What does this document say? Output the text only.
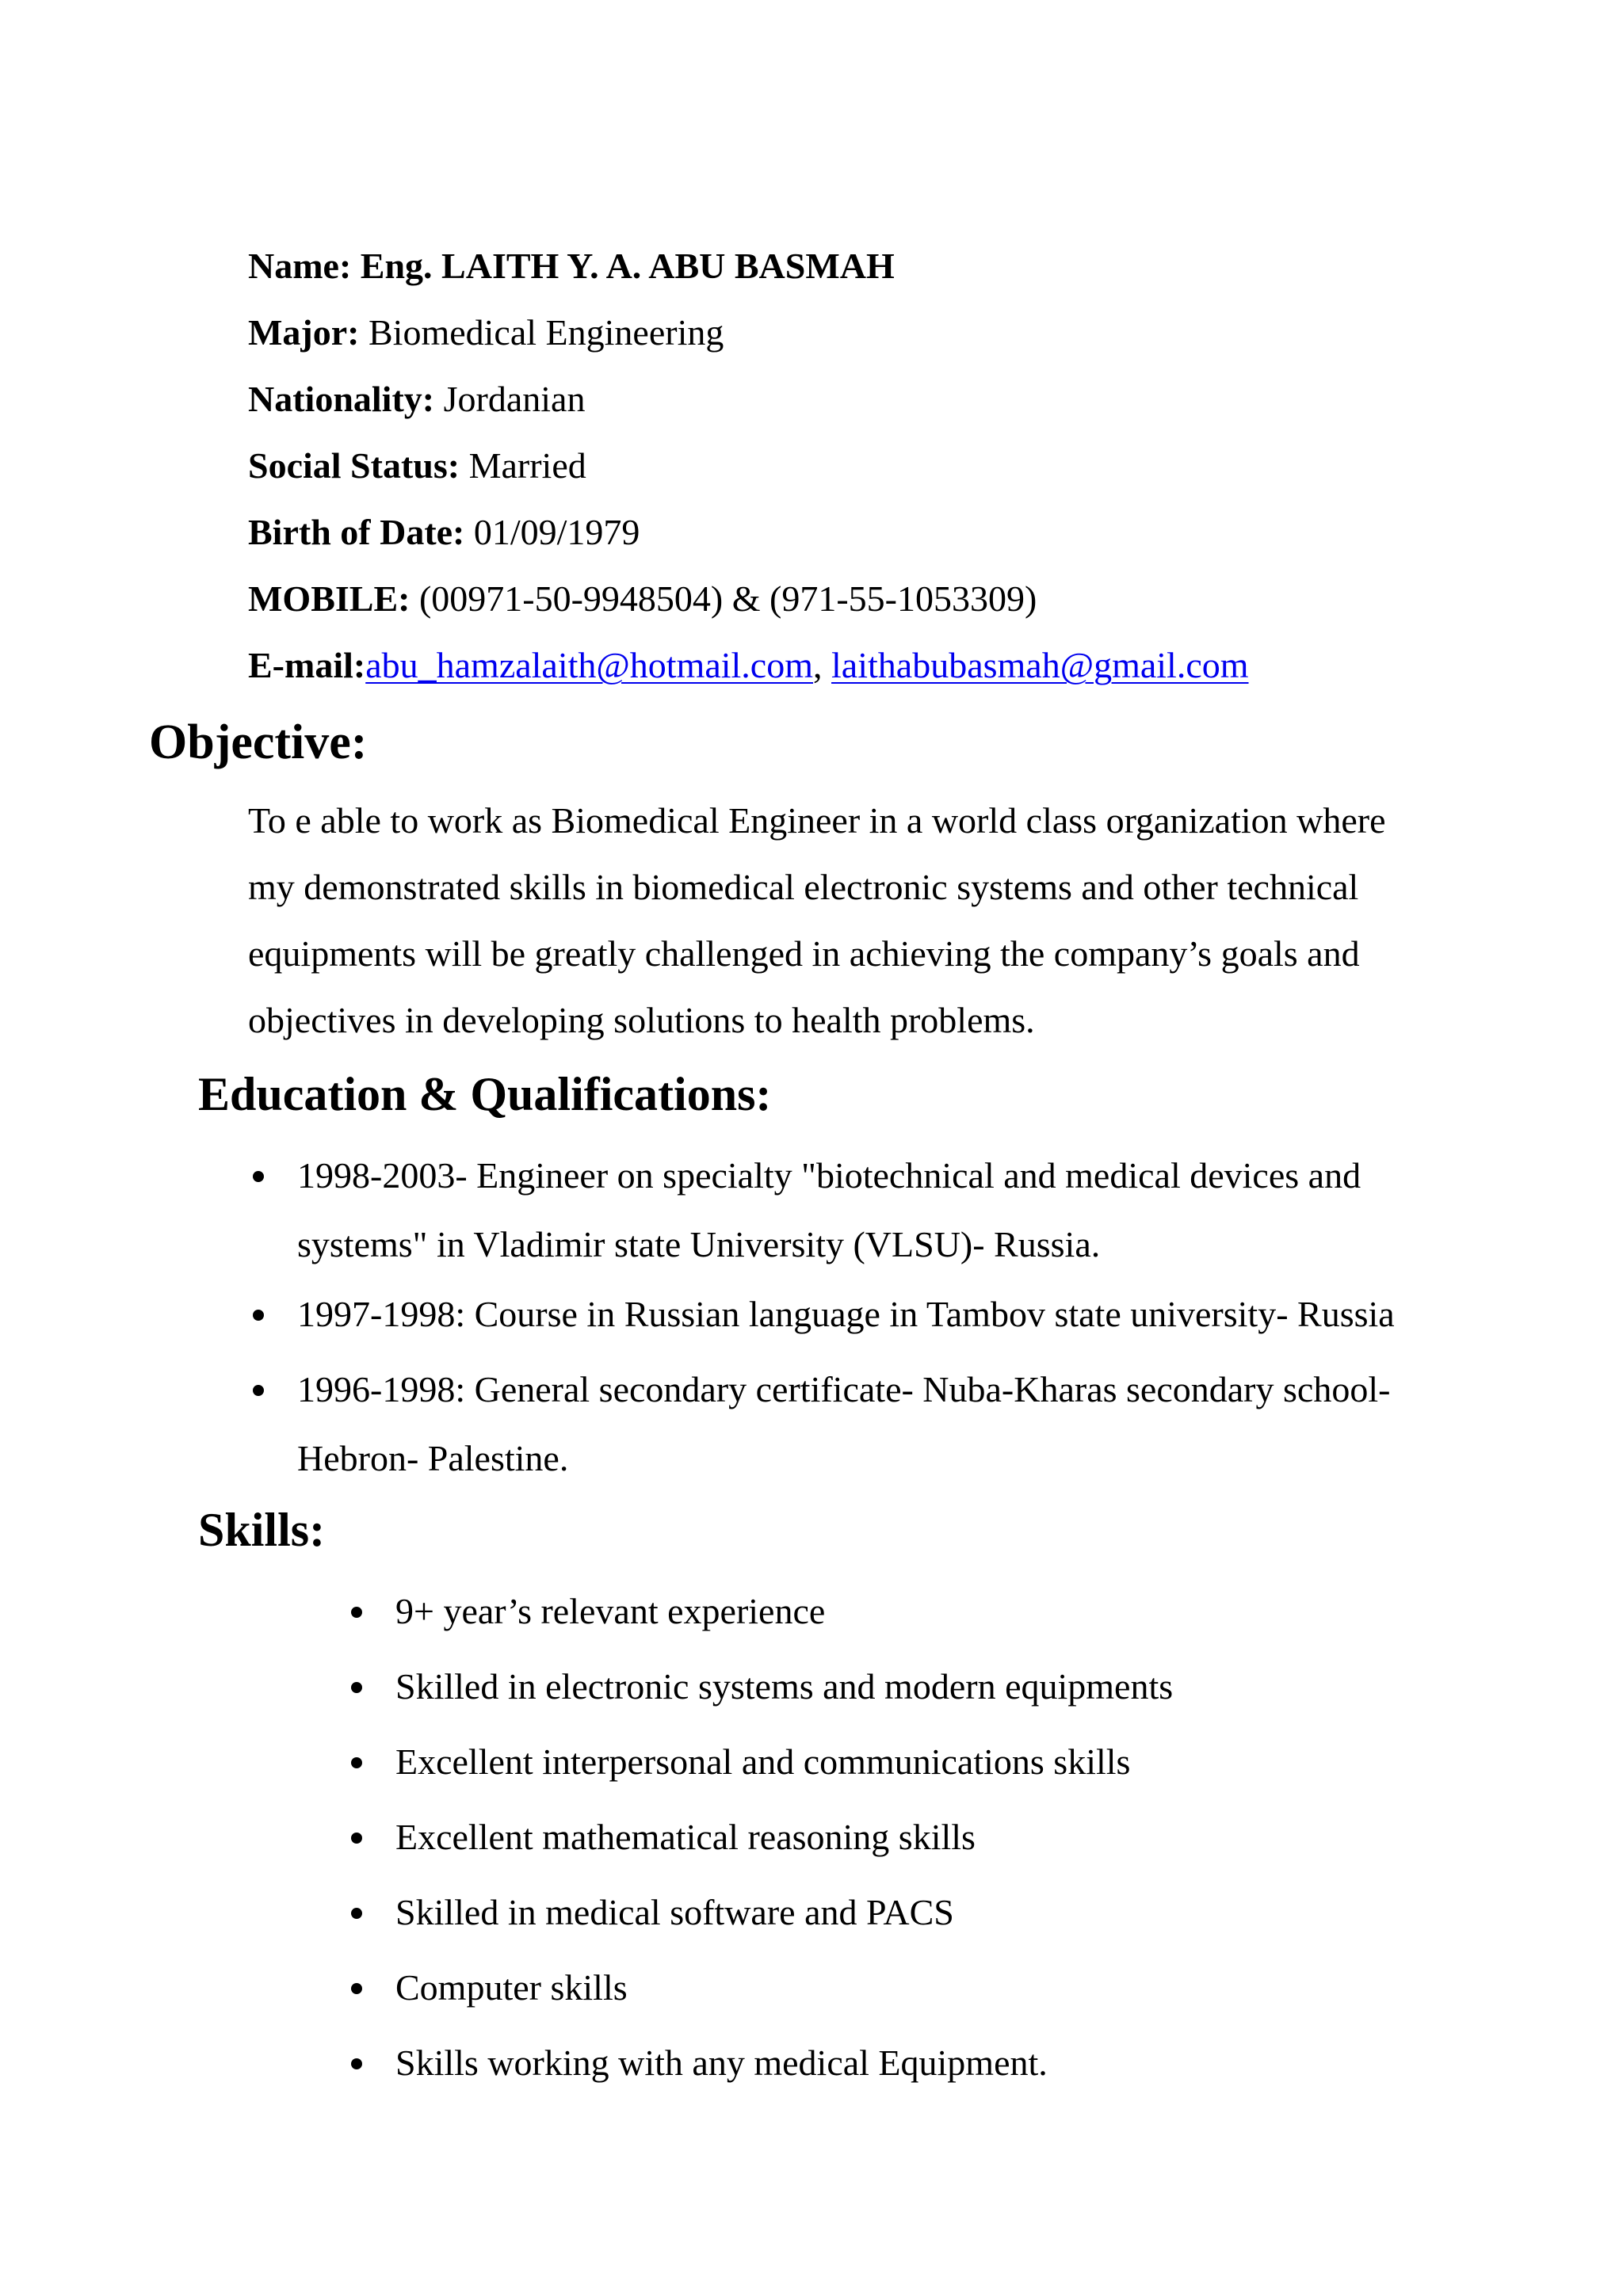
Name: Eng. LAITH Y. A. ABU BASMAH
Major: Biomedical Engineering
Nationality: Jordanian
Social Status: Married
Birth of Date: 01/09/1979
MOBILE: (00971-50-9948504) & (971-55-1053309)
E-mail:abu_hamzalaith@hotmail.com, laithabubasmah@gmail.com
Objective:
To e able to work as Biomedical Engineer in a world class organization where
my demonstrated skills in biomedical electronic systems and other technical
equipments will be greatly challenged in achieving the company’s goals and
objectives in developing solutions to health problems.
Education & Qualifications:
1998-2003- Engineer on specialty "biotechnical and medical devices and
systems" in Vladimir state University (VLSU)- Russia.
1997-1998: Course in Russian language in Tambov state university- Russia
1996-1998: General secondary certificate- Nuba-Kharas secondary school-
Hebron- Palestine.
Skills:
9+ year’s relevant experience
Skilled in electronic systems and modern equipments
Excellent interpersonal and communications skills
Excellent mathematical reasoning skills
Skilled in medical software and PACS
Computer skills
Skills working with any medical Equipment.
